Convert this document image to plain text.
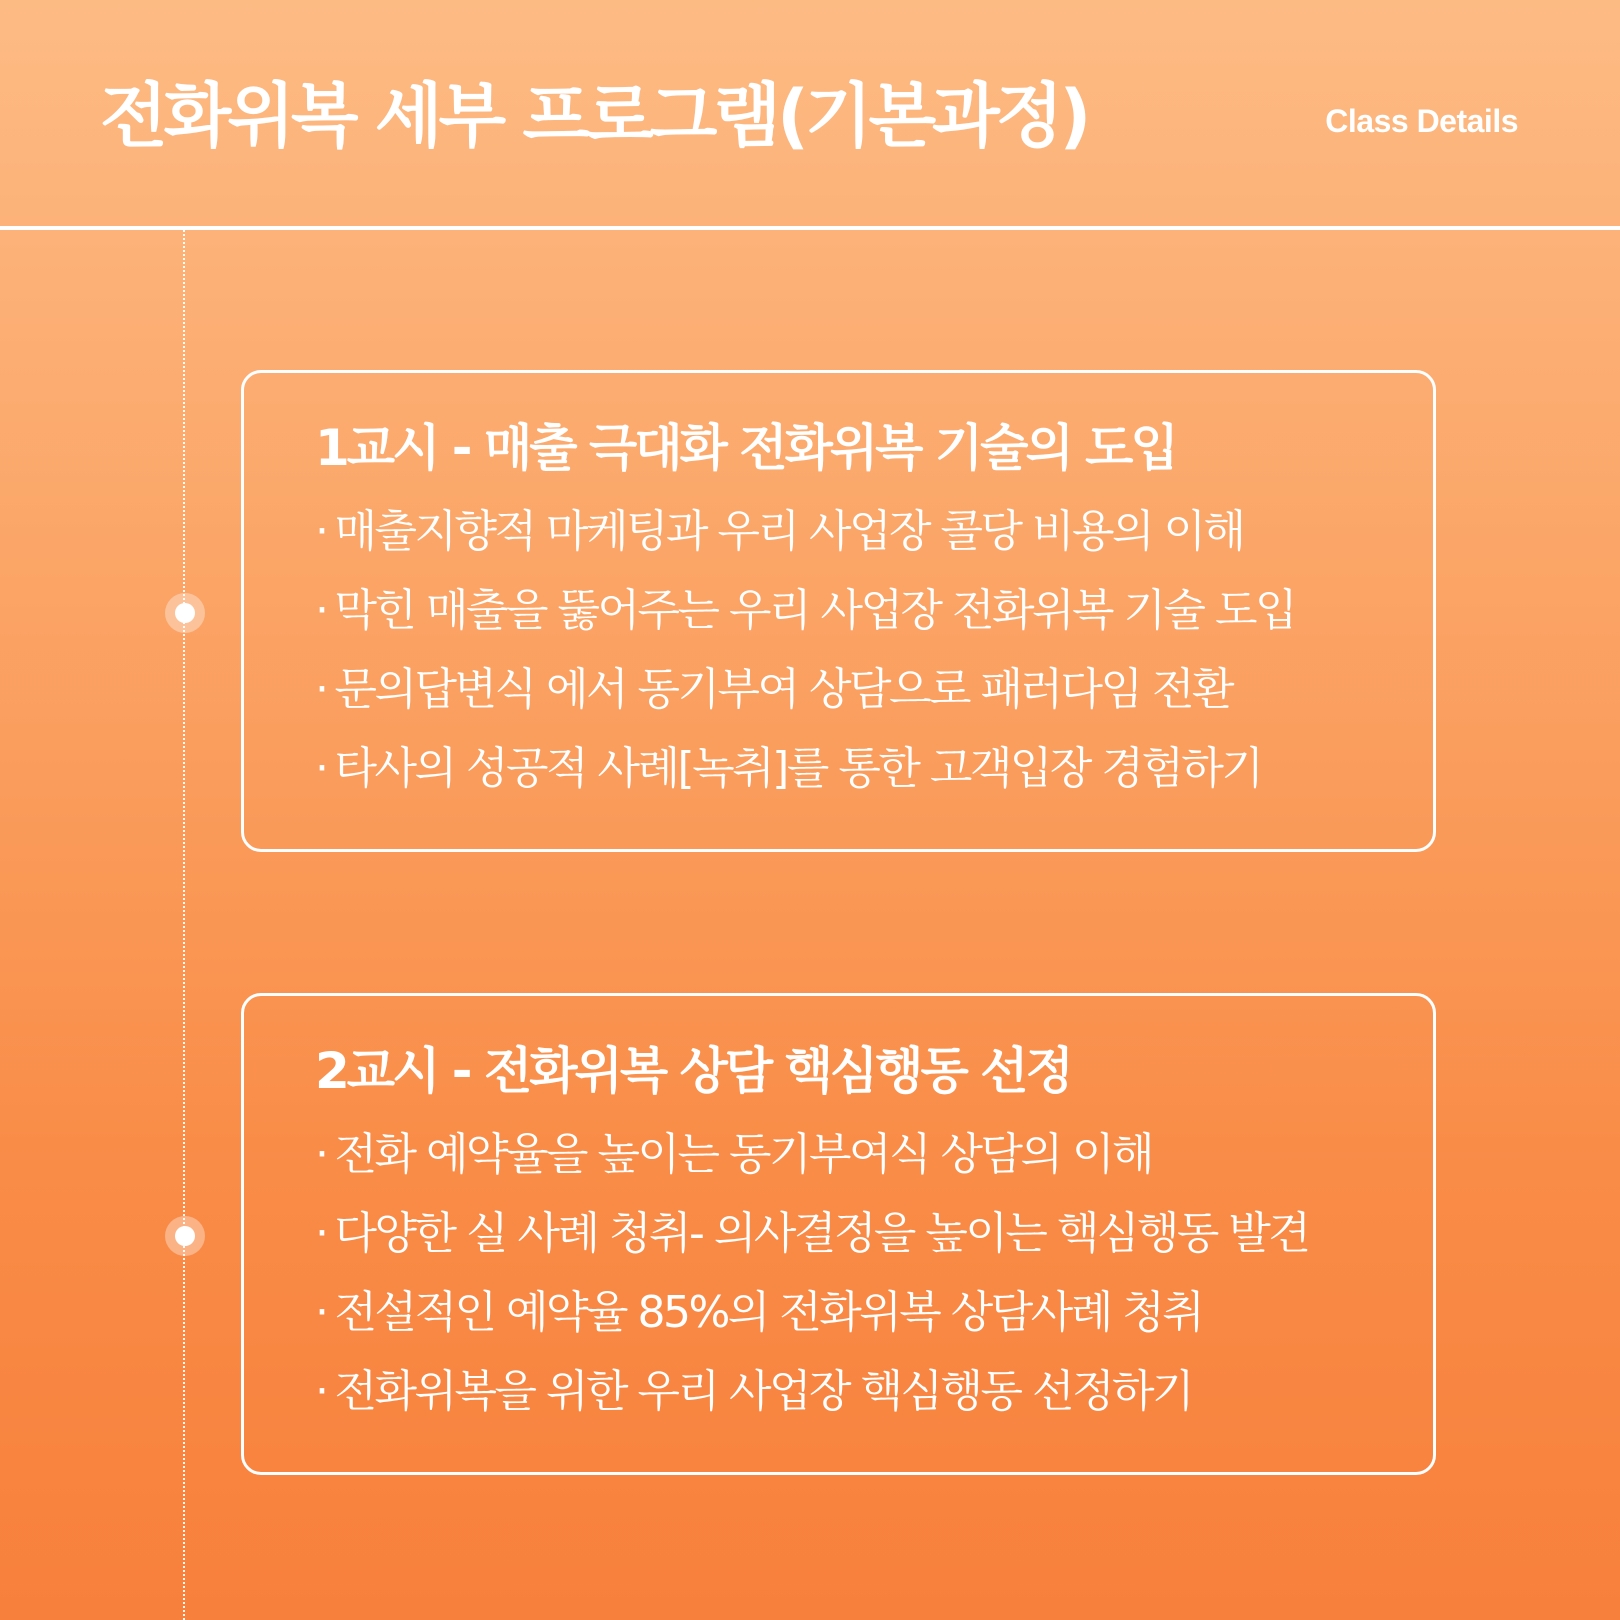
전화위복 세부 프로그램(기본과정)	Class Details
1교시 - 매출 극대화 전화위복 기술의 도입
· 매출지향적 마케팅과 우리 사업장 콜당 비용의 이해
· 막힌 매출을 뚫어주는 우리 사업장 전화위복 기술 도입
· 문의답변식 에서 동기부여 상담으로 패러다임 전환
· 타사의 성공적 사례[녹취]를 통한 고객입장 경험하기
2교시 - 전화위복 상담 핵심행동 선정
· 전화 예약율을 높이는 동기부여식 상담의 이해
· 다양한 실 사례 청취- 의사결정을 높이는 핵심행동 발견
· 전설적인 예약율 85%의 전화위복 상담사례 청취
· 전화위복을 위한 우리 사업장 핵심행동 선정하기
